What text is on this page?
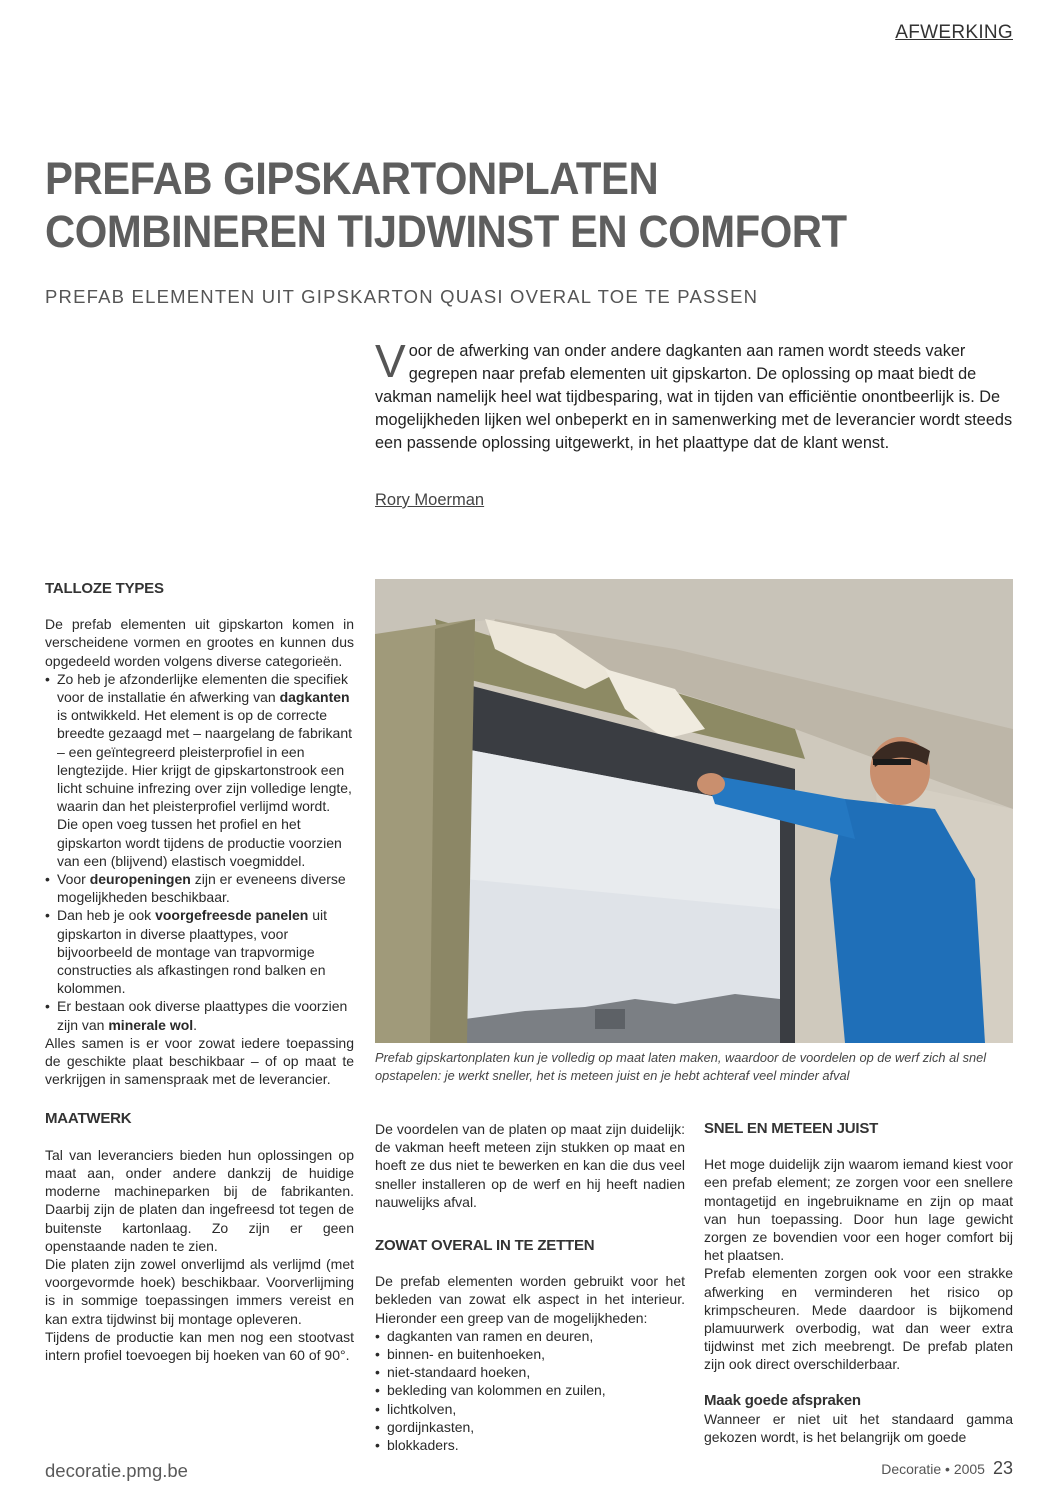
AFWERKING
PREFAB GIPSKARTONPLATEN
COMBINEREN TIJDWINST EN COMFORT
PREFAB ELEMENTEN UIT GIPSKARTON QUASI OVERAL TOE TE PASSEN
Voor de afwerking van onder andere dagkanten aan ramen wordt steeds vaker gegrepen naar prefab elementen uit gipskarton. De oplossing op maat biedt de vakman namelijk heel wat tijdbesparing, wat in tijden van efficiëntie onontbeerlijk is. De mogelijkheden lijken wel onbeperkt en in samenwerking met de leverancier wordt steeds een passende oplossing uitgewerkt, in het plaattype dat de klant wenst.
Rory Moerman
TALLOZE TYPES

De prefab elementen uit gipskarton komen in verscheidene vormen en grootes en kunnen dus opgedeeld worden volgens diverse categorieën.

• Zo heb je afzonderlijke elementen die specifiek voor de installatie én afwerking van dagkanten is ontwikkeld. Het element is op de correcte breedte gezaagd met – naargelang de fabrikant – een geïntegreerd pleisterprofiel in een lengtezijde. Hier krijgt de gipskartonstrook een licht schuine infrezing over zijn volledige lengte, waarin dan het pleisterprofiel verlijmd wordt. Die open voeg tussen het profiel en het gipskarton wordt tijdens de productie voorzien van een (blijvend) elastisch voegmiddel.
• Voor deuropeningen zijn er eveneens diverse mogelijkheden beschikbaar.
• Dan heb je ook voorgefreesde panelen uit gipskarton in diverse plaattypes, voor bijvoorbeeld de montage van trapvormige constructies als afkastingen rond balken en kolommen.
• Er bestaan ook diverse plaattypes die voorzien zijn van minerale wol.

Alles samen is er voor zowat iedere toepassing de geschikte plaat beschikbaar – of op maat te verkrijgen in samenspraak met de leverancier.

MAATWERK

Tal van leveranciers bieden hun oplossingen op maat aan, onder andere dankzij de huidige moderne machineparken bij de fabrikanten. Daarbij zijn de platen dan ingefreesd tot tegen de buitenste kartonlaag. Zo zijn er geen openstaande naden te zien.

Die platen zijn zowel onverlijmd als verlijmd (met voorgevormde hoek) beschikbaar. Voorverlijming is in sommige toepassingen immers vereist en kan extra tijdwinst bij montage opleveren.

Tijdens de productie kan men nog een stootvast intern profiel toevoegen bij hoeken van 60 of 90°.

Prefab gipskartonplaten kun je volledig op maat laten maken, waardoor de voordelen op de werf zich al snel opstapelen: je werkt sneller, het is meteen juist en je hebt achteraf veel minder afval

De voordelen van de platen op maat zijn duidelijk: de vakman heeft meteen zijn stukken op maat en hoeft ze dus niet te bewerken en kan die dus veel sneller installeren op de werf en hij heeft nadien nauwelijks afval.

ZOWAT OVERAL IN TE ZETTEN

De prefab elementen worden gebruikt voor het bekleden van zowat elk aspect in het interieur. Hieronder een greep van de mogelijkheden:

• dagkanten van ramen en deuren,
• binnen- en buitenhoeken,
• niet-standaard hoeken,
• bekleding van kolommen en zuilen,
• lichtkolven,
• gordijnkasten,
• blokkaders.
SNEL EN METEEN JUIST

Het moge duidelijk zijn waarom iemand kiest voor een prefab element; ze zorgen voor een snellere montagetijd en ingebruikname en zijn op maat van hun toepassing. Door hun lage gewicht zorgen ze bovendien voor een hoger comfort bij het plaatsen.

Prefab elementen zorgen ook voor een strakke afwerking en verminderen het risico op krimpscheuren. Mede daardoor is bijkomend plamuurwerk overbodig, wat dan weer extra tijdwinst met zich meebrengt. De prefab platen zijn ook direct overschilderbaar.

Maak goede afspraken

Wanneer er niet uit het standaard gamma gekozen wordt, is het belangrijk om goede

decoratie.pmg.be	Decoratie • 2005 23
